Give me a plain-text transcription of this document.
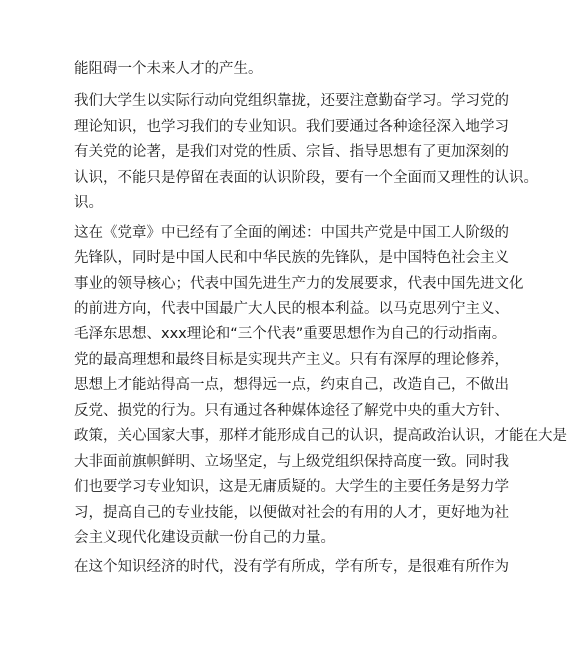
能阻碍一个未来人才的产生。
我们大学生以实际行动向党组织靠拢，还要注意勤奋学习。学习党的
理论知识，也学习我们的专业知识。我们要通过各种途径深入地学习
有关党的论著，是我们对党的性质、宗旨、指导思想有了更加深刻的
认识，不能只是停留在表面的认识阶段，要有一个全面而又理性的认识。
识。
这在《党章》中已经有了全面的阐述：中国共产党是中国工人阶级的
先锋队，同时是中国人民和中华民族的先锋队，是中国特色社会主义
事业的领导核心；代表中国先进生产力的发展要求，代表中国先进文化
的前进方向，代表中国最广大人民的根本利益。以马克思列宁主义、
毛泽东思想、xxx理论和“三个代表”重要思想作为自己的行动指南。
党的最高理想和最终目标是实现共产主义。只有有深厚的理论修养，
思想上才能站得高一点，想得远一点，约束自己，改造自己，不做出
反党、损党的行为。只有通过各种媒体途径了解党中央的重大方针、
政策，关心国家大事，那样才能形成自己的认识，提高政治认识，才能在大是
大非面前旗帜鲜明、立场坚定，与上级党组织保持高度一致。同时我
们也要学习专业知识，这是无庸质疑的。大学生的主要任务是努力学
习，提高自己的专业技能，以便做对社会的有用的人才，更好地为社
会主义现代化建设贡献一份自己的力量。
在这个知识经济的时代，没有学有所成，学有所专，是很难有所作为
